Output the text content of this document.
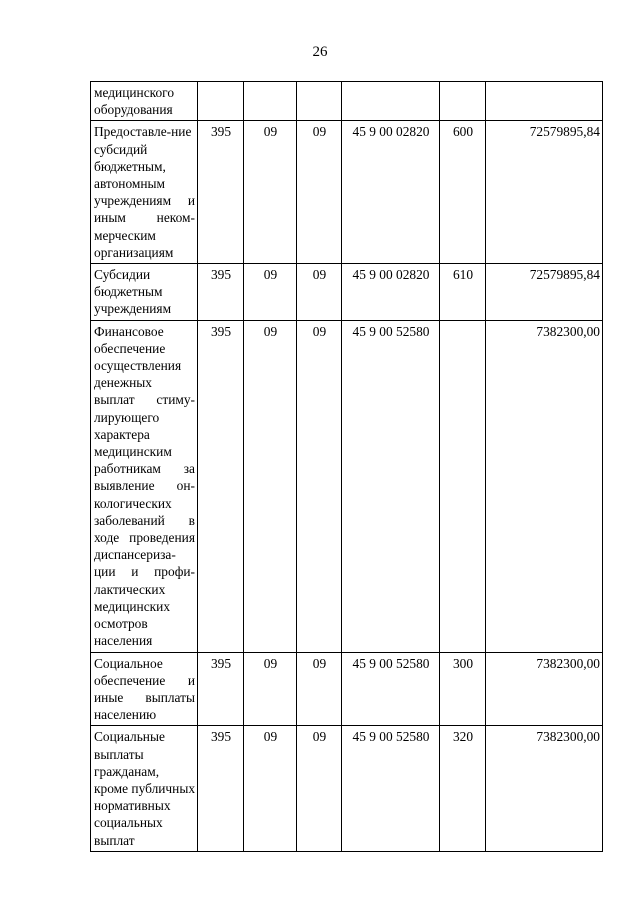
26
медицинского оборудования						
Предоставле-ние субсидий бюджетным, автономным учреждениям и иным неком-мерческим организациям	395	09	09	45 9 00 02820	600	72579895,84
Субсидии бюджетным учреждениям	395	09	09	45 9 00 02820	610	72579895,84
Финансовое обеспечение осуществления денежных выплат стиму-лирующего характера медицинским работникам за выявление он-кологических заболеваний в ходе проведения диспансериза-ции и профи-лактических медицинских осмотров населения	395	09	09	45 9 00 52580		7382300,00
Социальное обеспечение и иные выплаты населению	395	09	09	45 9 00 52580	300	7382300,00
Социальные выплаты гражданам, кроме публичных нормативных социальных выплат	395	09	09	45 9 00 52580	320	7382300,00
